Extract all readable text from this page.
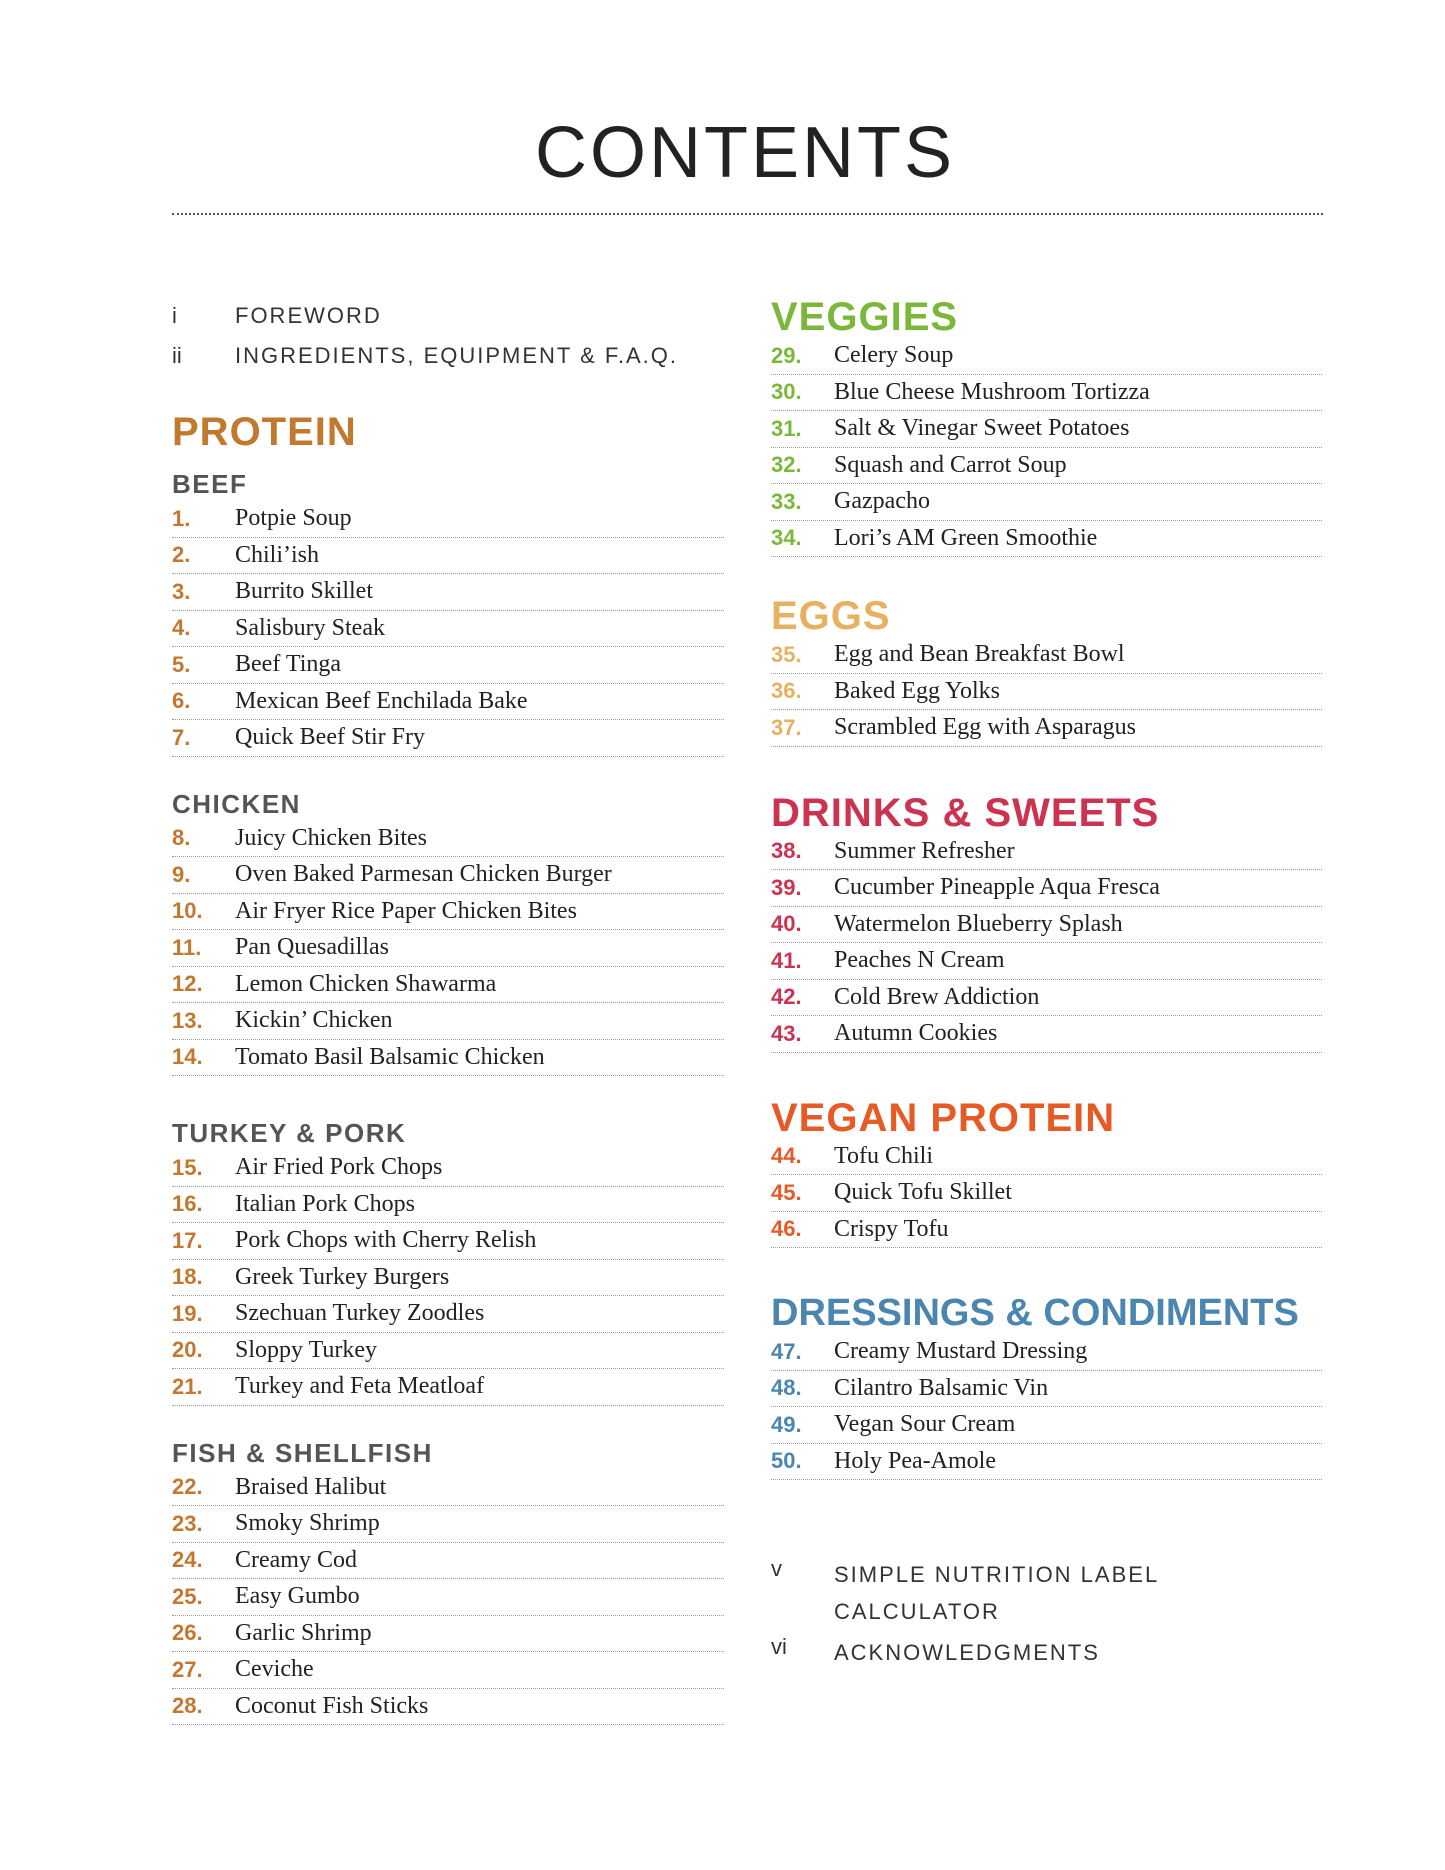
CONTENTS
i	FOREWORD
ii	INGREDIENTS, EQUIPMENT & F.A.Q.
PROTEIN
BEEF
1.	Potpie Soup
2.	Chili’ish
3.	Burrito Skillet
4.	Salisbury Steak
5.	Beef Tinga
6.	Mexican Beef Enchilada Bake
7.	Quick Beef Stir Fry
CHICKEN
8.	Juicy Chicken Bites
9.	Oven Baked Parmesan Chicken Burger
10.	Air Fryer Rice Paper Chicken Bites
11.	Pan Quesadillas
12.	Lemon Chicken Shawarma
13.	Kickin’ Chicken
14.	Tomato Basil Balsamic Chicken
TURKEY & PORK
15.	Air Fried Pork Chops
16.	Italian Pork Chops
17.	Pork Chops with Cherry Relish
18.	Greek Turkey Burgers
19.	Szechuan Turkey Zoodles
20.	Sloppy Turkey
21.	Turkey and Feta Meatloaf
FISH & SHELLFISH
22.	Braised Halibut
23.	Smoky Shrimp
24.	Creamy Cod
25.	Easy Gumbo
26.	Garlic Shrimp
27.	Ceviche
28.	Coconut Fish Sticks
VEGGIES
29.	Celery Soup
30.	Blue Cheese Mushroom Tortizza
31.	Salt & Vinegar Sweet Potatoes
32.	Squash and Carrot Soup
33.	Gazpacho
34.	Lori’s AM Green Smoothie
EGGS
35.	Egg and Bean Breakfast Bowl
36.	Baked Egg Yolks
37.	Scrambled Egg with Asparagus
DRINKS & SWEETS
38.	Summer Refresher
39.	Cucumber Pineapple Aqua Fresca
40.	Watermelon Blueberry Splash
41.	Peaches N Cream
42.	Cold Brew Addiction
43.	Autumn Cookies
VEGAN PROTEIN
44.	Tofu Chili
45.	Quick Tofu Skillet
46.	Crispy Tofu
DRESSINGS & CONDIMENTS
47.	Creamy Mustard Dressing
48.	Cilantro Balsamic Vin
49.	Vegan Sour Cream
50.	Holy Pea-Amole
v	SIMPLE NUTRITION LABEL CALCULATOR
vi	ACKNOWLEDGMENTS
